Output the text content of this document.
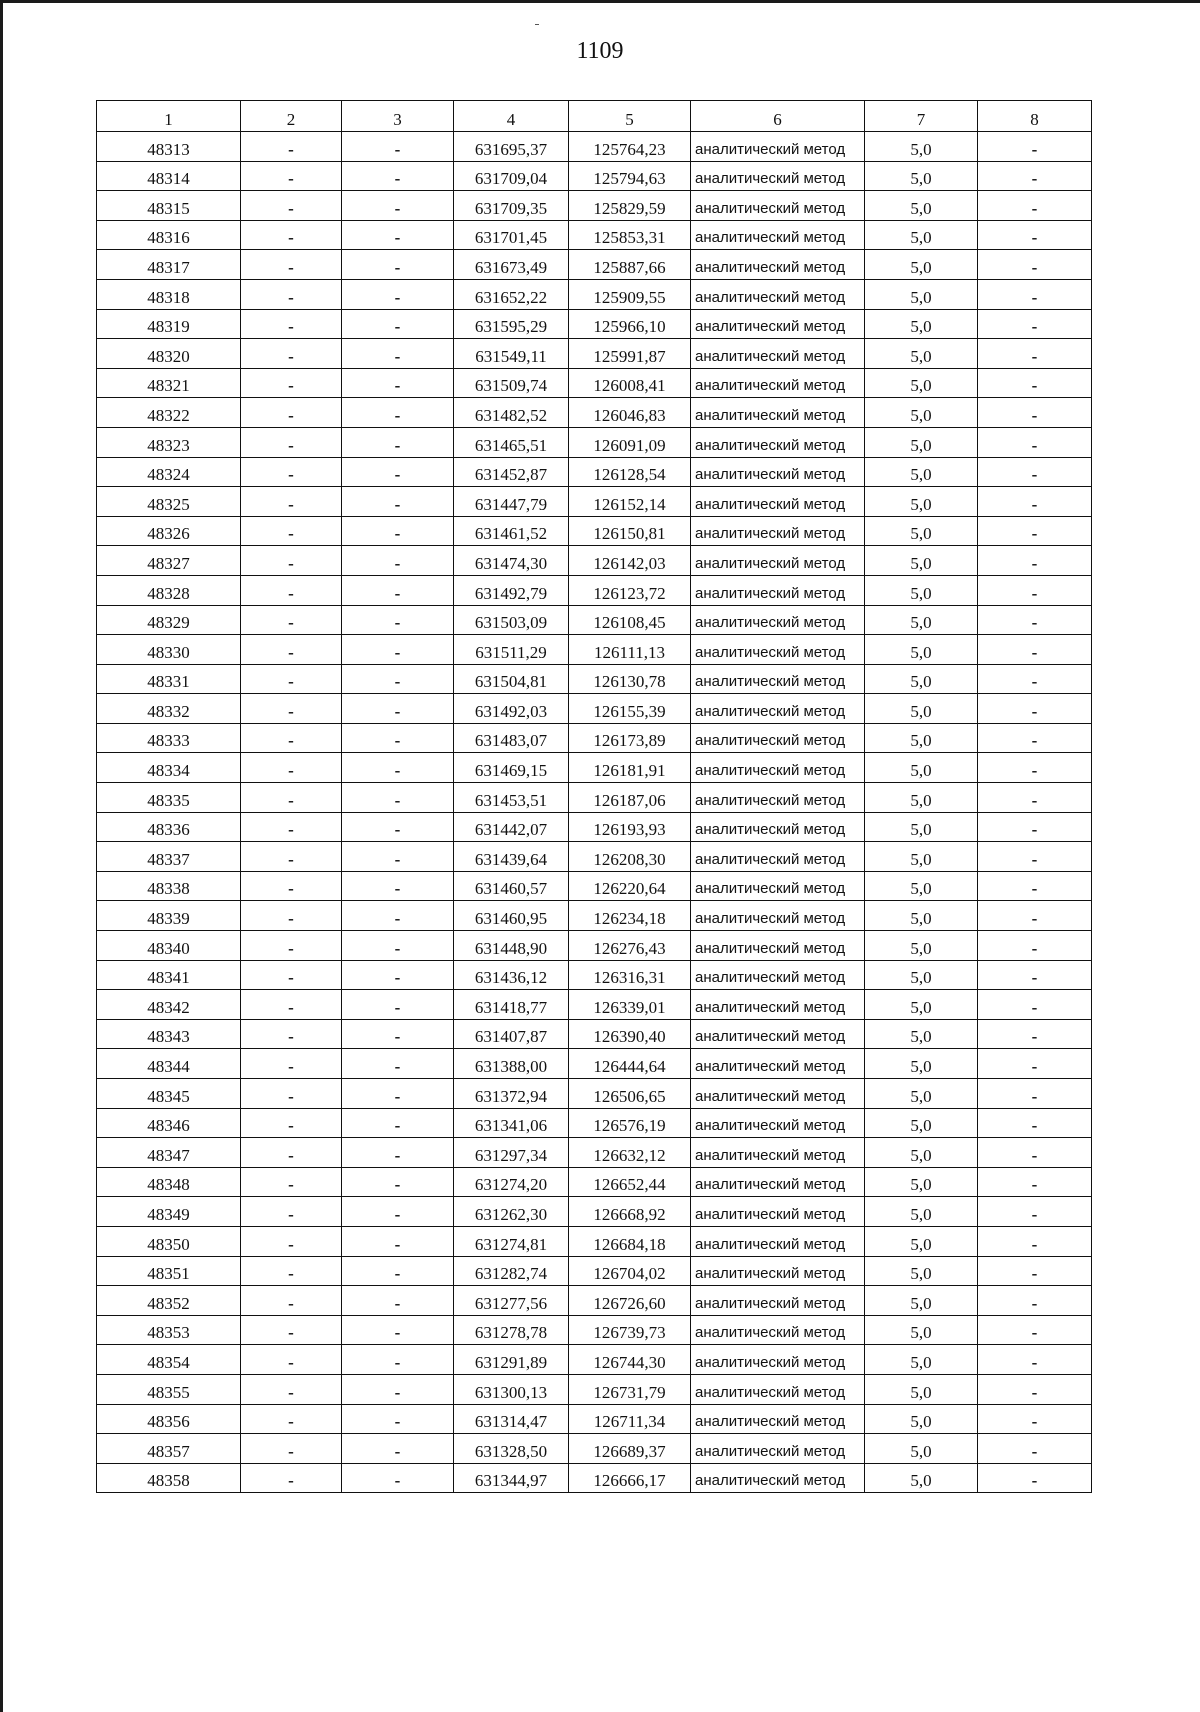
1109
1	2	3	4	5	6	7	8
48313	-	-	631695,37	125764,23	аналитический метод	5,0	-
48314	-	-	631709,04	125794,63	аналитический метод	5,0	-
48315	-	-	631709,35	125829,59	аналитический метод	5,0	-
48316	-	-	631701,45	125853,31	аналитический метод	5,0	-
48317	-	-	631673,49	125887,66	аналитический метод	5,0	-
48318	-	-	631652,22	125909,55	аналитический метод	5,0	-
48319	-	-	631595,29	125966,10	аналитический метод	5,0	-
48320	-	-	631549,11	125991,87	аналитический метод	5,0	-
48321	-	-	631509,74	126008,41	аналитический метод	5,0	-
48322	-	-	631482,52	126046,83	аналитический метод	5,0	-
48323	-	-	631465,51	126091,09	аналитический метод	5,0	-
48324	-	-	631452,87	126128,54	аналитический метод	5,0	-
48325	-	-	631447,79	126152,14	аналитический метод	5,0	-
48326	-	-	631461,52	126150,81	аналитический метод	5,0	-
48327	-	-	631474,30	126142,03	аналитический метод	5,0	-
48328	-	-	631492,79	126123,72	аналитический метод	5,0	-
48329	-	-	631503,09	126108,45	аналитический метод	5,0	-
48330	-	-	631511,29	126111,13	аналитический метод	5,0	-
48331	-	-	631504,81	126130,78	аналитический метод	5,0	-
48332	-	-	631492,03	126155,39	аналитический метод	5,0	-
48333	-	-	631483,07	126173,89	аналитический метод	5,0	-
48334	-	-	631469,15	126181,91	аналитический метод	5,0	-
48335	-	-	631453,51	126187,06	аналитический метод	5,0	-
48336	-	-	631442,07	126193,93	аналитический метод	5,0	-
48337	-	-	631439,64	126208,30	аналитический метод	5,0	-
48338	-	-	631460,57	126220,64	аналитический метод	5,0	-
48339	-	-	631460,95	126234,18	аналитический метод	5,0	-
48340	-	-	631448,90	126276,43	аналитический метод	5,0	-
48341	-	-	631436,12	126316,31	аналитический метод	5,0	-
48342	-	-	631418,77	126339,01	аналитический метод	5,0	-
48343	-	-	631407,87	126390,40	аналитический метод	5,0	-
48344	-	-	631388,00	126444,64	аналитический метод	5,0	-
48345	-	-	631372,94	126506,65	аналитический метод	5,0	-
48346	-	-	631341,06	126576,19	аналитический метод	5,0	-
48347	-	-	631297,34	126632,12	аналитический метод	5,0	-
48348	-	-	631274,20	126652,44	аналитический метод	5,0	-
48349	-	-	631262,30	126668,92	аналитический метод	5,0	-
48350	-	-	631274,81	126684,18	аналитический метод	5,0	-
48351	-	-	631282,74	126704,02	аналитический метод	5,0	-
48352	-	-	631277,56	126726,60	аналитический метод	5,0	-
48353	-	-	631278,78	126739,73	аналитический метод	5,0	-
48354	-	-	631291,89	126744,30	аналитический метод	5,0	-
48355	-	-	631300,13	126731,79	аналитический метод	5,0	-
48356	-	-	631314,47	126711,34	аналитический метод	5,0	-
48357	-	-	631328,50	126689,37	аналитический метод	5,0	-
48358	-	-	631344,97	126666,17	аналитический метод	5,0	-
